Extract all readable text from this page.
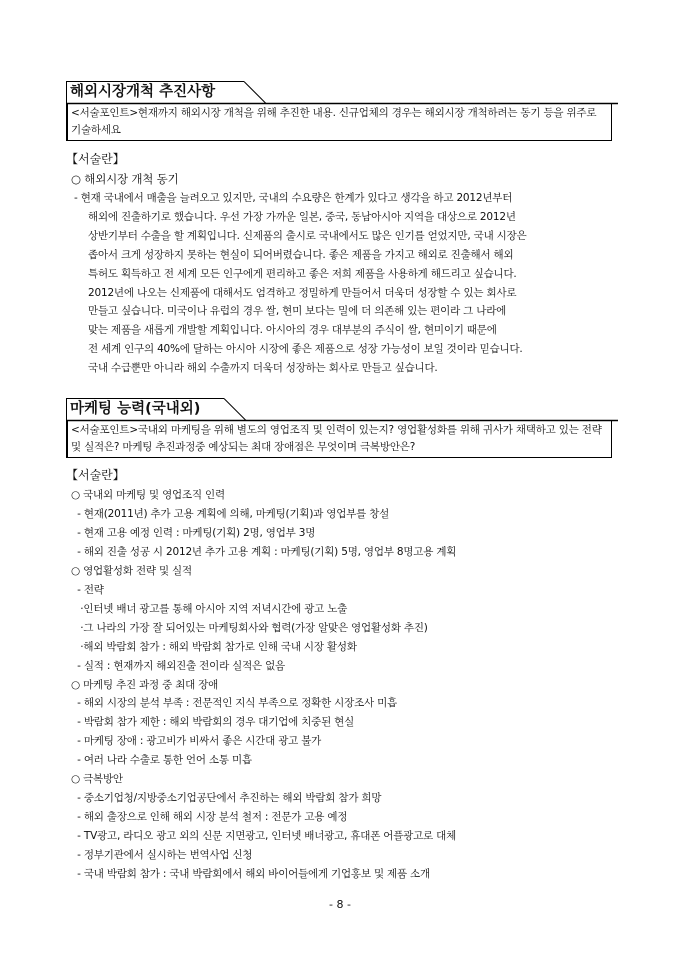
해외시장개척 추진사항
<서술포인트>현재까지 해외시장 개척을 위해 추진한 내용. 신규업체의 경우는 해외시장 개척하려는 동기 등을 위주로 기술하세요
【서술란】
○ 해외시장 개척 동기
- 현재 국내에서 매출을 늘려오고 있지만, 국내의 수요량은 한계가 있다고 생각을 하고 2012년부터
해외에 진출하기로 했습니다. 우선 가장 가까운 일본, 중국, 동남아시아 지역을 대상으로 2012년
상반기부터 수출을 할 계획입니다. 신제품의 출시로 국내에서도 많은 인기를 얻었지만, 국내 시장은
좁아서 크게 성장하지 못하는 현실이 되어버렸습니다. 좋은 제품을 가지고 해외로 진출해서 해외
특허도 획득하고 전 세계 모든 인구에게 편리하고 좋은 저희 제품을 사용하게 해드리고 싶습니다.
2012년에 나오는 신제품에 대해서도 엄격하고 정밀하게 만들어서 더욱더 성장할 수 있는 회사로
만들고 싶습니다. 미국이나 유럽의 경우 쌀, 현미 보다는 밀에 더 의존해 있는 편이라 그 나라에
맞는 제품을 새롭게 개발할 계획입니다. 아시아의 경우 대부분의 주식이 쌀, 현미이기 때문에
전 세계 인구의 40%에 달하는 아시아 시장에 좋은 제품으로 성장 가능성이 보일 것이라 믿습니다.
국내 수급뿐만 아니라 해외 수출까지 더욱더 성장하는 회사로 만들고 싶습니다.
마케팅 능력(국내외)
<서술포인트>국내외 마케팅을 위해 별도의 영업조직 및 인력이 있는지? 영업활성화를 위해 귀사가 채택하고 있는 전략 및 실적은? 마케팅 추진과정중 예상되는 최대 장애점은 무엇이며 극복방안은?
【서술란】
○ 국내외 마케팅 및 영업조직 인력
- 현재(2011년) 추가 고용 계획에 의해, 마케팅(기획)과 영업부를 창설
- 현재 고용 예정 인력 : 마케팅(기획) 2명, 영업부 3명
- 해외 진출 성공 시 2012년 추가 고용 계획 : 마케팅(기획) 5명, 영업부 8명고용 계획
○ 영업활성화 전략 및 실적
- 전략
·인터넷 배너 광고를 통해 아시아 지역 저녁시간에 광고 노출
·그 나라의 가장 잘 되어있는 마케팅회사와 협력(가장 알맞은 영업활성화 추진)
·해외 박람회 참가 : 해외 박람회 참가로 인해 국내 시장 활성화
- 실적 : 현재까지 해외진출 전이라 실적은 없음
○ 마케팅 추진 과정 중 최대 장애
- 해외 시장의 분석 부족 : 전문적인 지식 부족으로 정확한 시장조사 미흡
- 박람회 참가 제한 : 해외 박람회의 경우 대기업에 치중된 현실
- 마케팅 장애 : 광고비가 비싸서 좋은 시간대 광고 불가
- 여러 나라 수출로 통한 언어 소통 미흡
○ 극복방안
- 중소기업청/지방중소기업공단에서 추진하는 해외 박람회 참가 희망
- 해외 출장으로 인해 해외 시장 분석 철저 : 전문가 고용 예정
- TV광고, 라디오 광고 외의 신문 지면광고, 인터넷 배너광고, 휴대폰 어플광고로 대체
- 정부기관에서 실시하는 번역사업 신청
- 국내 박람회 참가 : 국내 박람회에서 해외 바이어들에게 기업홍보 및 제품 소개
- 8 -
